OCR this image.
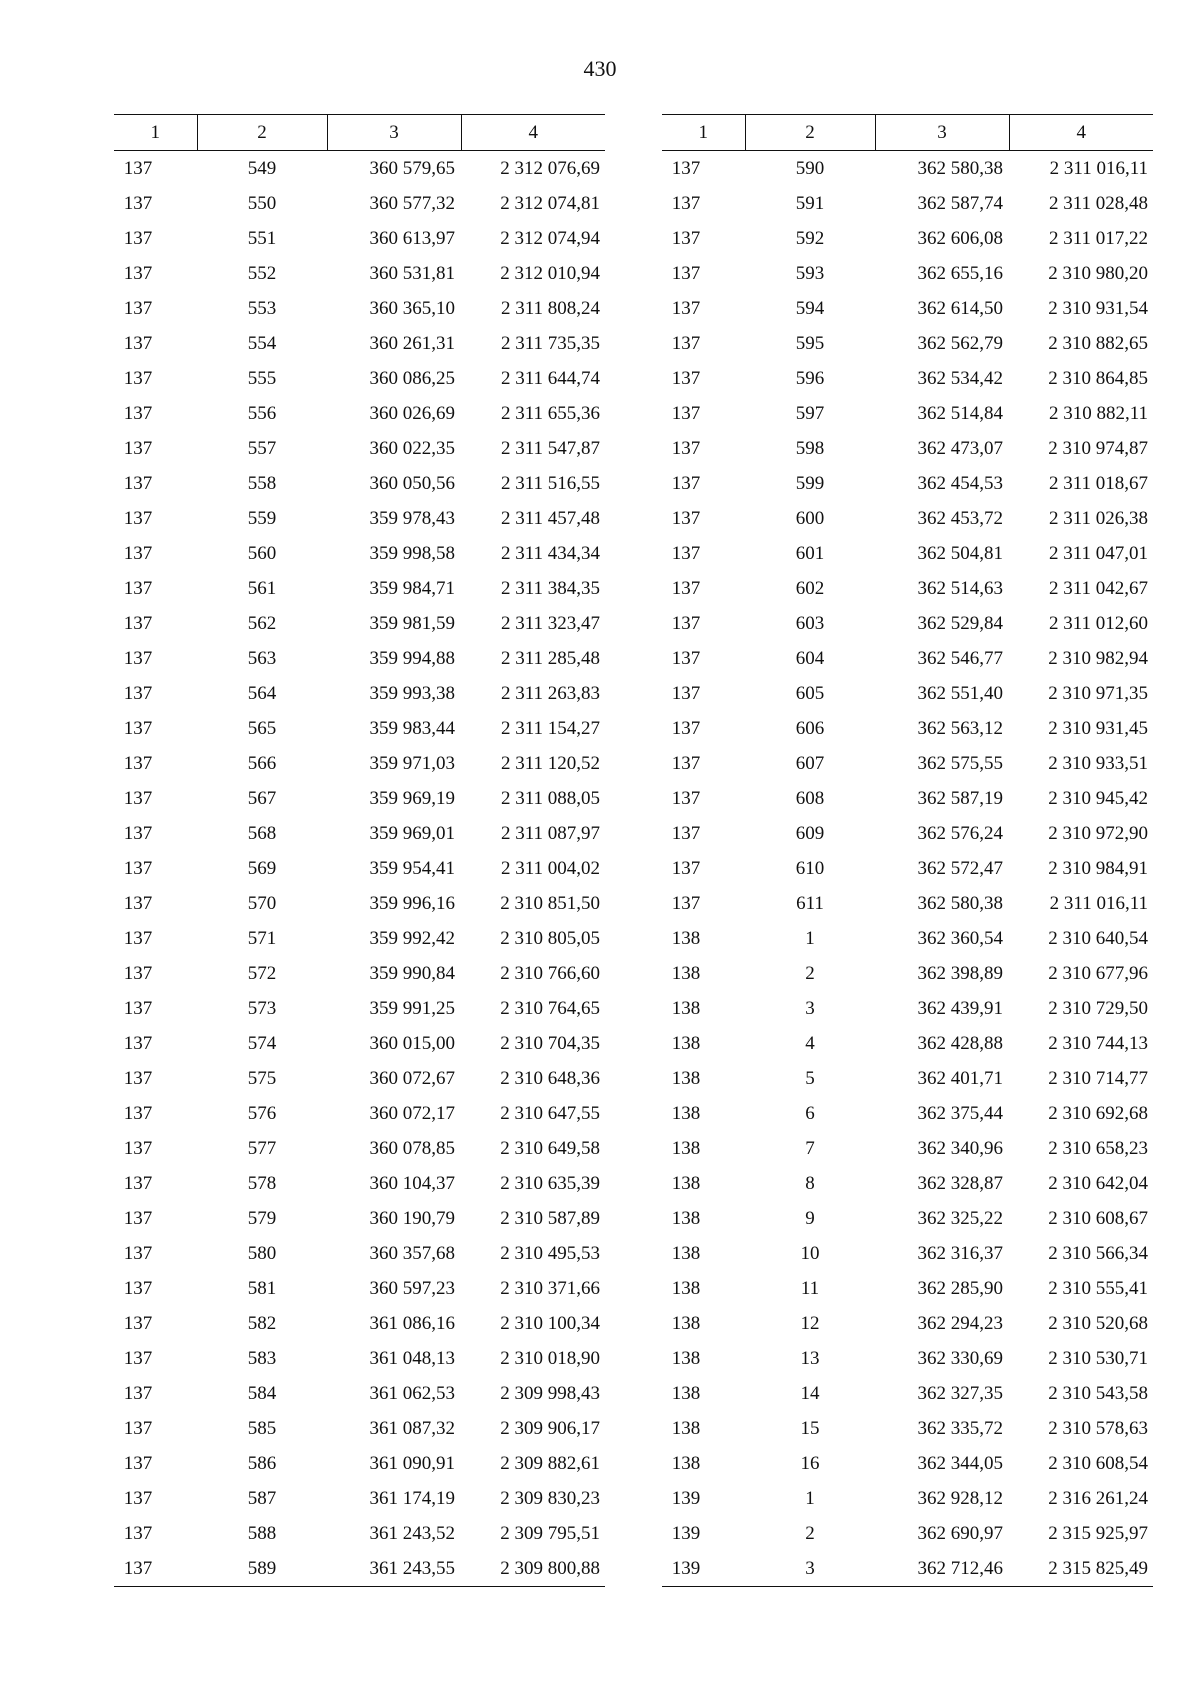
430
1	2	3	4
137	549	360 579,65	2 312 076,69
137	550	360 577,32	2 312 074,81
137	551	360 613,97	2 312 074,94
137	552	360 531,81	2 312 010,94
137	553	360 365,10	2 311 808,24
137	554	360 261,31	2 311 735,35
137	555	360 086,25	2 311 644,74
137	556	360 026,69	2 311 655,36
137	557	360 022,35	2 311 547,87
137	558	360 050,56	2 311 516,55
137	559	359 978,43	2 311 457,48
137	560	359 998,58	2 311 434,34
137	561	359 984,71	2 311 384,35
137	562	359 981,59	2 311 323,47
137	563	359 994,88	2 311 285,48
137	564	359 993,38	2 311 263,83
137	565	359 983,44	2 311 154,27
137	566	359 971,03	2 311 120,52
137	567	359 969,19	2 311 088,05
137	568	359 969,01	2 311 087,97
137	569	359 954,41	2 311 004,02
137	570	359 996,16	2 310 851,50
137	571	359 992,42	2 310 805,05
137	572	359 990,84	2 310 766,60
137	573	359 991,25	2 310 764,65
137	574	360 015,00	2 310 704,35
137	575	360 072,67	2 310 648,36
137	576	360 072,17	2 310 647,55
137	577	360 078,85	2 310 649,58
137	578	360 104,37	2 310 635,39
137	579	360 190,79	2 310 587,89
137	580	360 357,68	2 310 495,53
137	581	360 597,23	2 310 371,66
137	582	361 086,16	2 310 100,34
137	583	361 048,13	2 310 018,90
137	584	361 062,53	2 309 998,43
137	585	361 087,32	2 309 906,17
137	586	361 090,91	2 309 882,61
137	587	361 174,19	2 309 830,23
137	588	361 243,52	2 309 795,51
137	589	361 243,55	2 309 800,88
1	2	3	4
137	590	362 580,38	2 311 016,11
137	591	362 587,74	2 311 028,48
137	592	362 606,08	2 311 017,22
137	593	362 655,16	2 310 980,20
137	594	362 614,50	2 310 931,54
137	595	362 562,79	2 310 882,65
137	596	362 534,42	2 310 864,85
137	597	362 514,84	2 310 882,11
137	598	362 473,07	2 310 974,87
137	599	362 454,53	2 311 018,67
137	600	362 453,72	2 311 026,38
137	601	362 504,81	2 311 047,01
137	602	362 514,63	2 311 042,67
137	603	362 529,84	2 311 012,60
137	604	362 546,77	2 310 982,94
137	605	362 551,40	2 310 971,35
137	606	362 563,12	2 310 931,45
137	607	362 575,55	2 310 933,51
137	608	362 587,19	2 310 945,42
137	609	362 576,24	2 310 972,90
137	610	362 572,47	2 310 984,91
137	611	362 580,38	2 311 016,11
138	1	362 360,54	2 310 640,54
138	2	362 398,89	2 310 677,96
138	3	362 439,91	2 310 729,50
138	4	362 428,88	2 310 744,13
138	5	362 401,71	2 310 714,77
138	6	362 375,44	2 310 692,68
138	7	362 340,96	2 310 658,23
138	8	362 328,87	2 310 642,04
138	9	362 325,22	2 310 608,67
138	10	362 316,37	2 310 566,34
138	11	362 285,90	2 310 555,41
138	12	362 294,23	2 310 520,68
138	13	362 330,69	2 310 530,71
138	14	362 327,35	2 310 543,58
138	15	362 335,72	2 310 578,63
138	16	362 344,05	2 310 608,54
139	1	362 928,12	2 316 261,24
139	2	362 690,97	2 315 925,97
139	3	362 712,46	2 315 825,49
